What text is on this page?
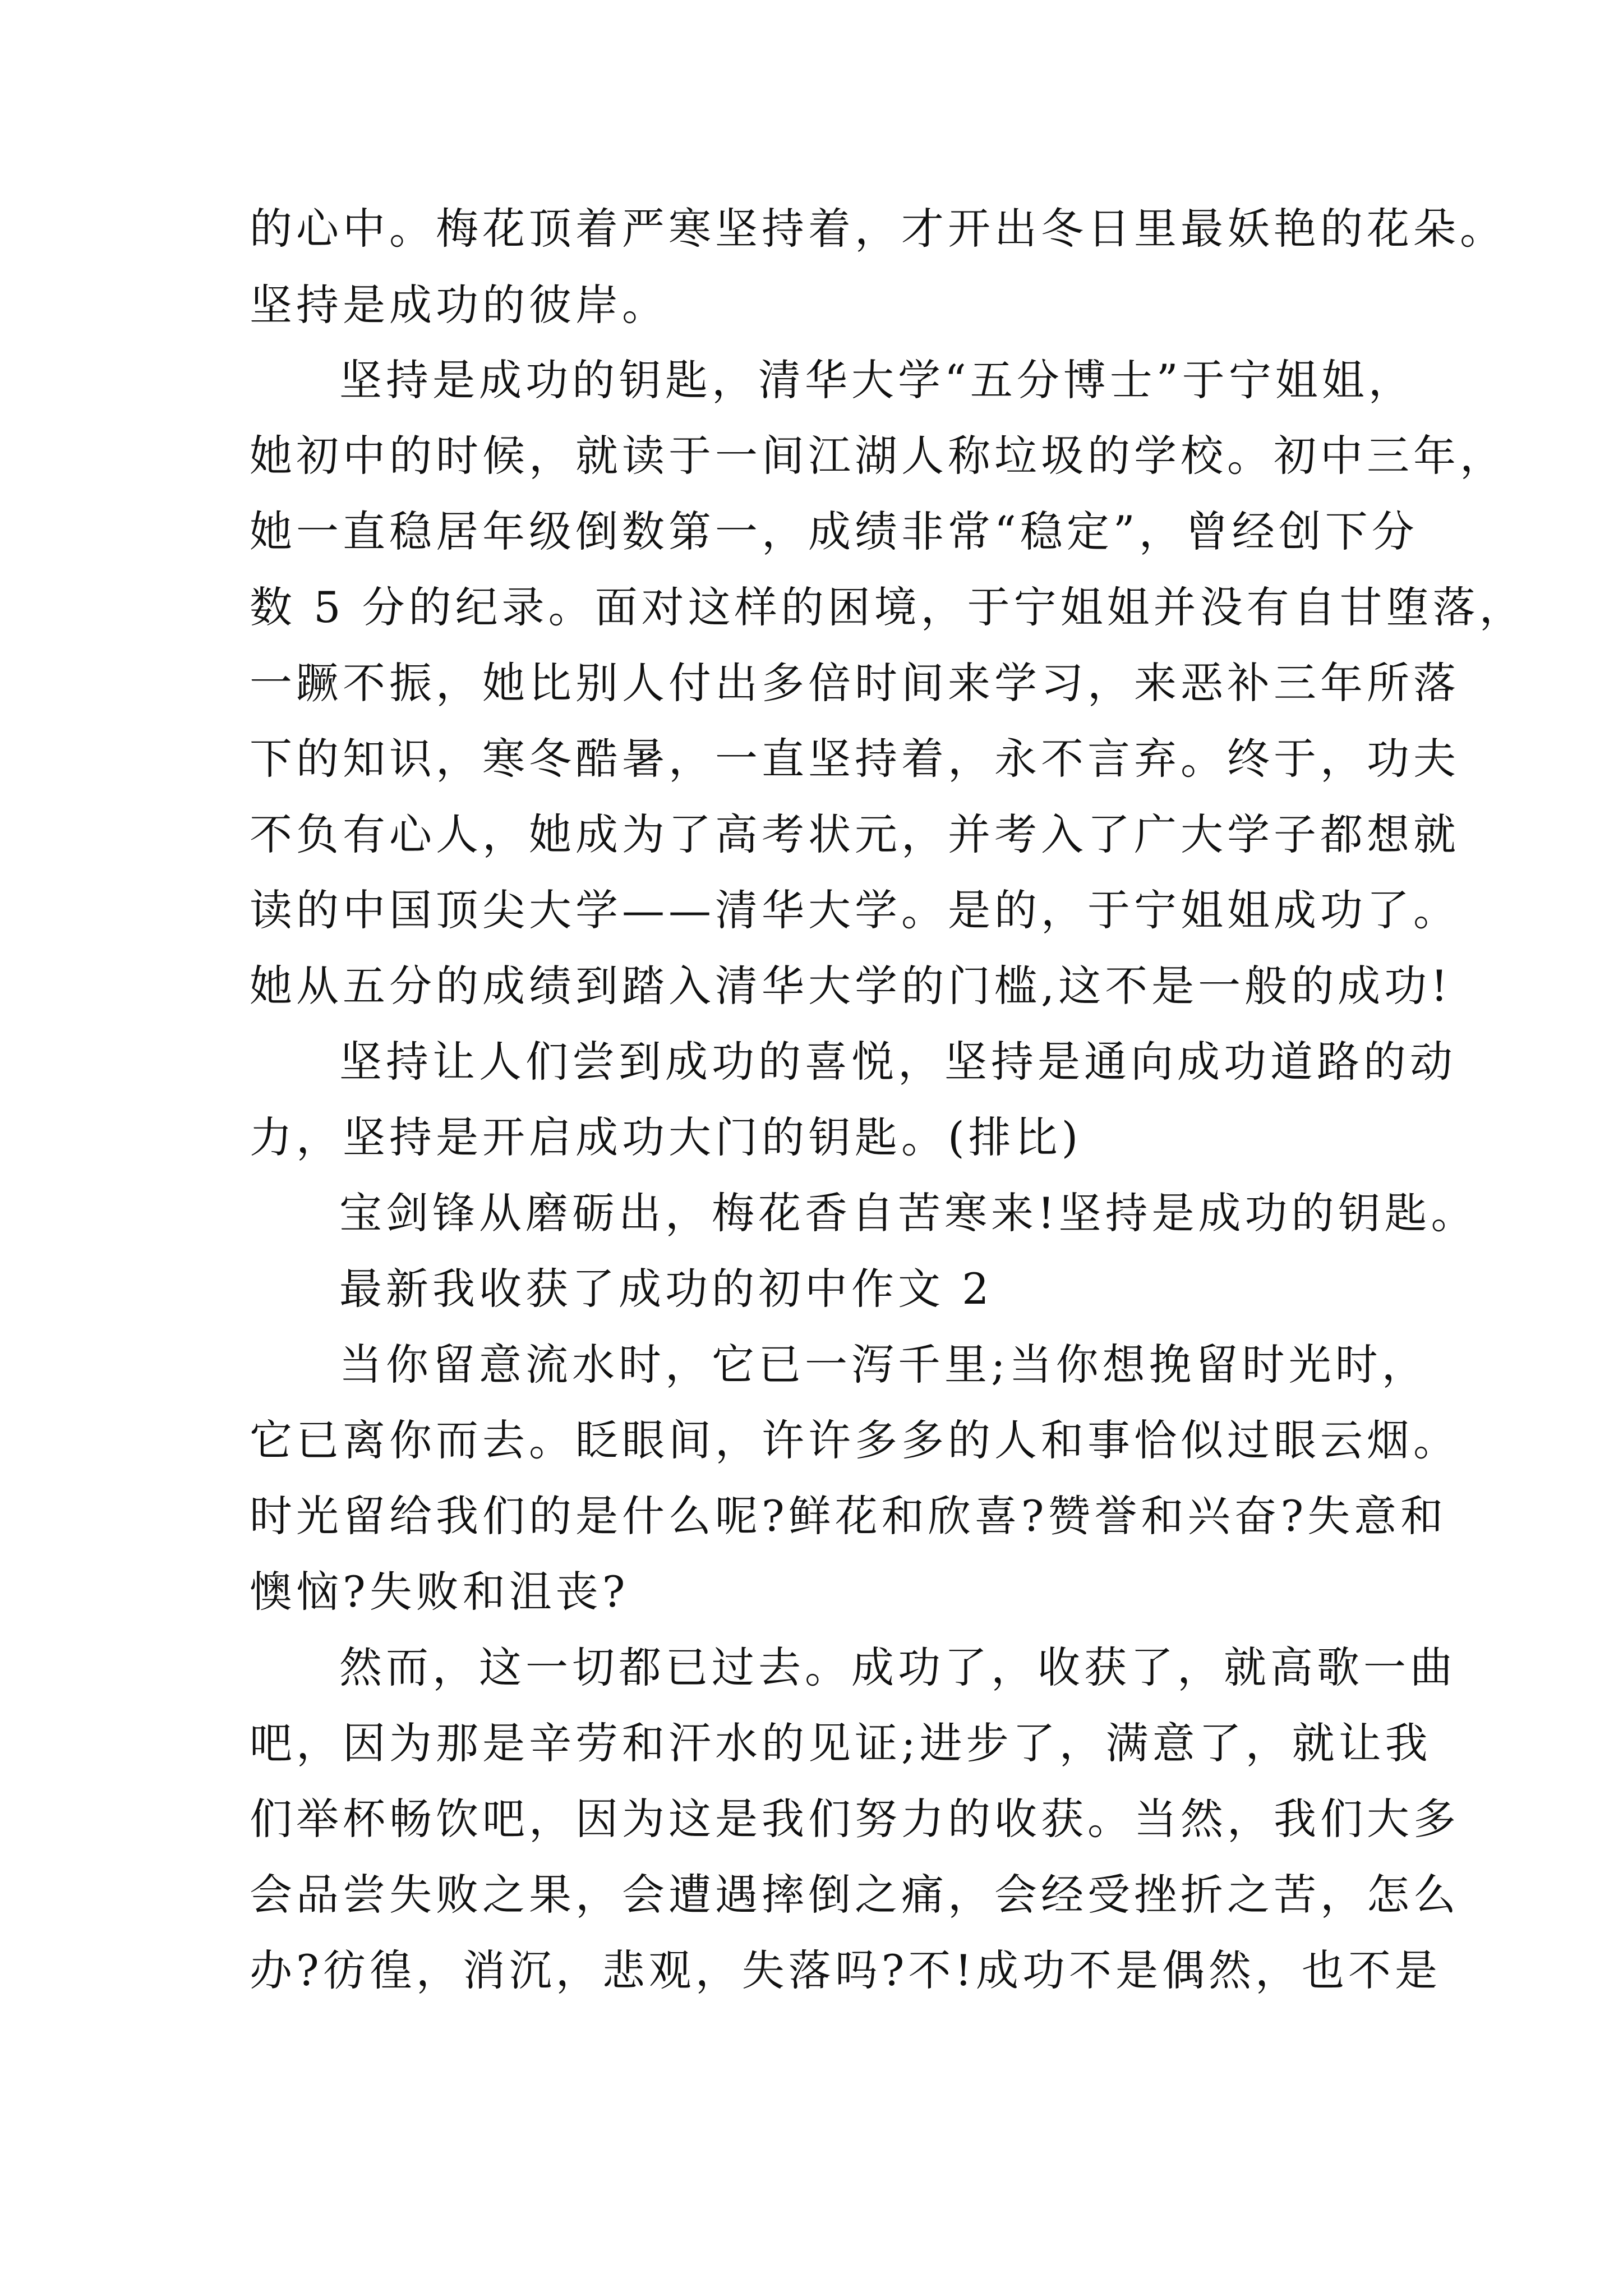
的心中。梅花顶着严寒坚持着，才开出冬日里最妖艳的花朵。
坚持是成功的彼岸。
坚持是成功的钥匙，清华大学“五分博士”于宁姐姐，
她初中的时候，就读于一间江湖人称垃圾的学校。初中三年，
她一直稳居年级倒数第一，成绩非常“稳定”，曾经创下分
数 5 分的纪录。面对这样的困境，于宁姐姐并没有自甘堕落，
一蹶不振，她比别人付出多倍时间来学习，来恶补三年所落
下的知识，寒冬酷暑，一直坚持着，永不言弃。终于，功夫
不负有心人，她成为了高考状元，并考入了广大学子都想就
读的中国顶尖大学——清华大学。是的，于宁姐姐成功了。
她从五分的成绩到踏入清华大学的门槛,这不是一般的成功!
坚持让人们尝到成功的喜悦，坚持是通向成功道路的动
力，坚持是开启成功大门的钥匙。(排比)
宝剑锋从磨砺出，梅花香自苦寒来!坚持是成功的钥匙。
最新我收获了成功的初中作文 2
当你留意流水时，它已一泻千里;当你想挽留时光时，
它已离你而去。眨眼间，许许多多的人和事恰似过眼云烟。
时光留给我们的是什么呢?鲜花和欣喜?赞誉和兴奋?失意和
懊恼?失败和沮丧?
然而，这一切都已过去。成功了，收获了，就高歌一曲
吧，因为那是辛劳和汗水的见证;进步了，满意了，就让我
们举杯畅饮吧，因为这是我们努力的收获。当然，我们大多
会品尝失败之果，会遭遇摔倒之痛，会经受挫折之苦，怎么
办?彷徨，消沉，悲观，失落吗?不!成功不是偶然，也不是
